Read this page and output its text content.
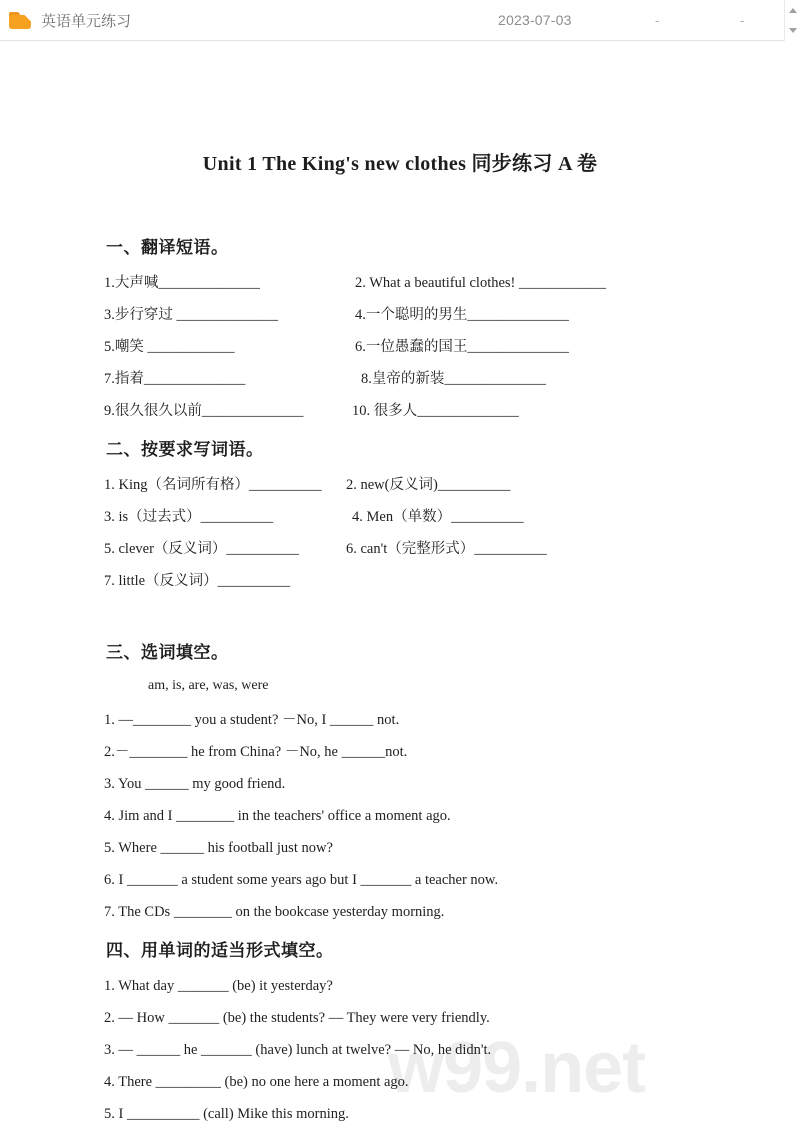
英语单元练习	2023-07-03	-	-
w99.net
Unit 1 The King's new clothes 同步练习 A 卷
一、翻译短语。
1.大声喊______________	2. What a beautiful clothes! ____________
3.步行穿过 ______________	4.一个聪明的男生______________
5.嘲笑 ____________	6.一位愚蠢的国王______________
7.指着______________	8.皇帝的新装______________
9.很久很久以前______________	10. 很多人______________
二、按要求写词语。
1. King（名词所有格）__________ 2. new(反义词)__________
3. is（过去式）__________	4. Men（单数）__________
5. clever（反义词）__________	6. can't（完整形式）__________
7. little（反义词）__________
三、选词填空。
am, is, are, was, were
1. —________ you a student? －No, I ______ not.
2.－________ he from China? －No, he ______not.
3. You ______ my good friend.
4. Jim and I ________ in the teachers' office a moment ago.
5. Where ______ his football just now?
6. I _______ a student some years ago but I _______ a teacher now.
7. The CDs ________ on the bookcase yesterday morning.
四、用单词的适当形式填空。
1. What day _______ (be) it yesterday?
2. — How _______ (be) the students? — They were very friendly.
3. — ______ he _______ (have) lunch at twelve? — No, he didn't.
4. There _________ (be) no one here a moment ago.
5. I __________ (call) Mike this morning.
